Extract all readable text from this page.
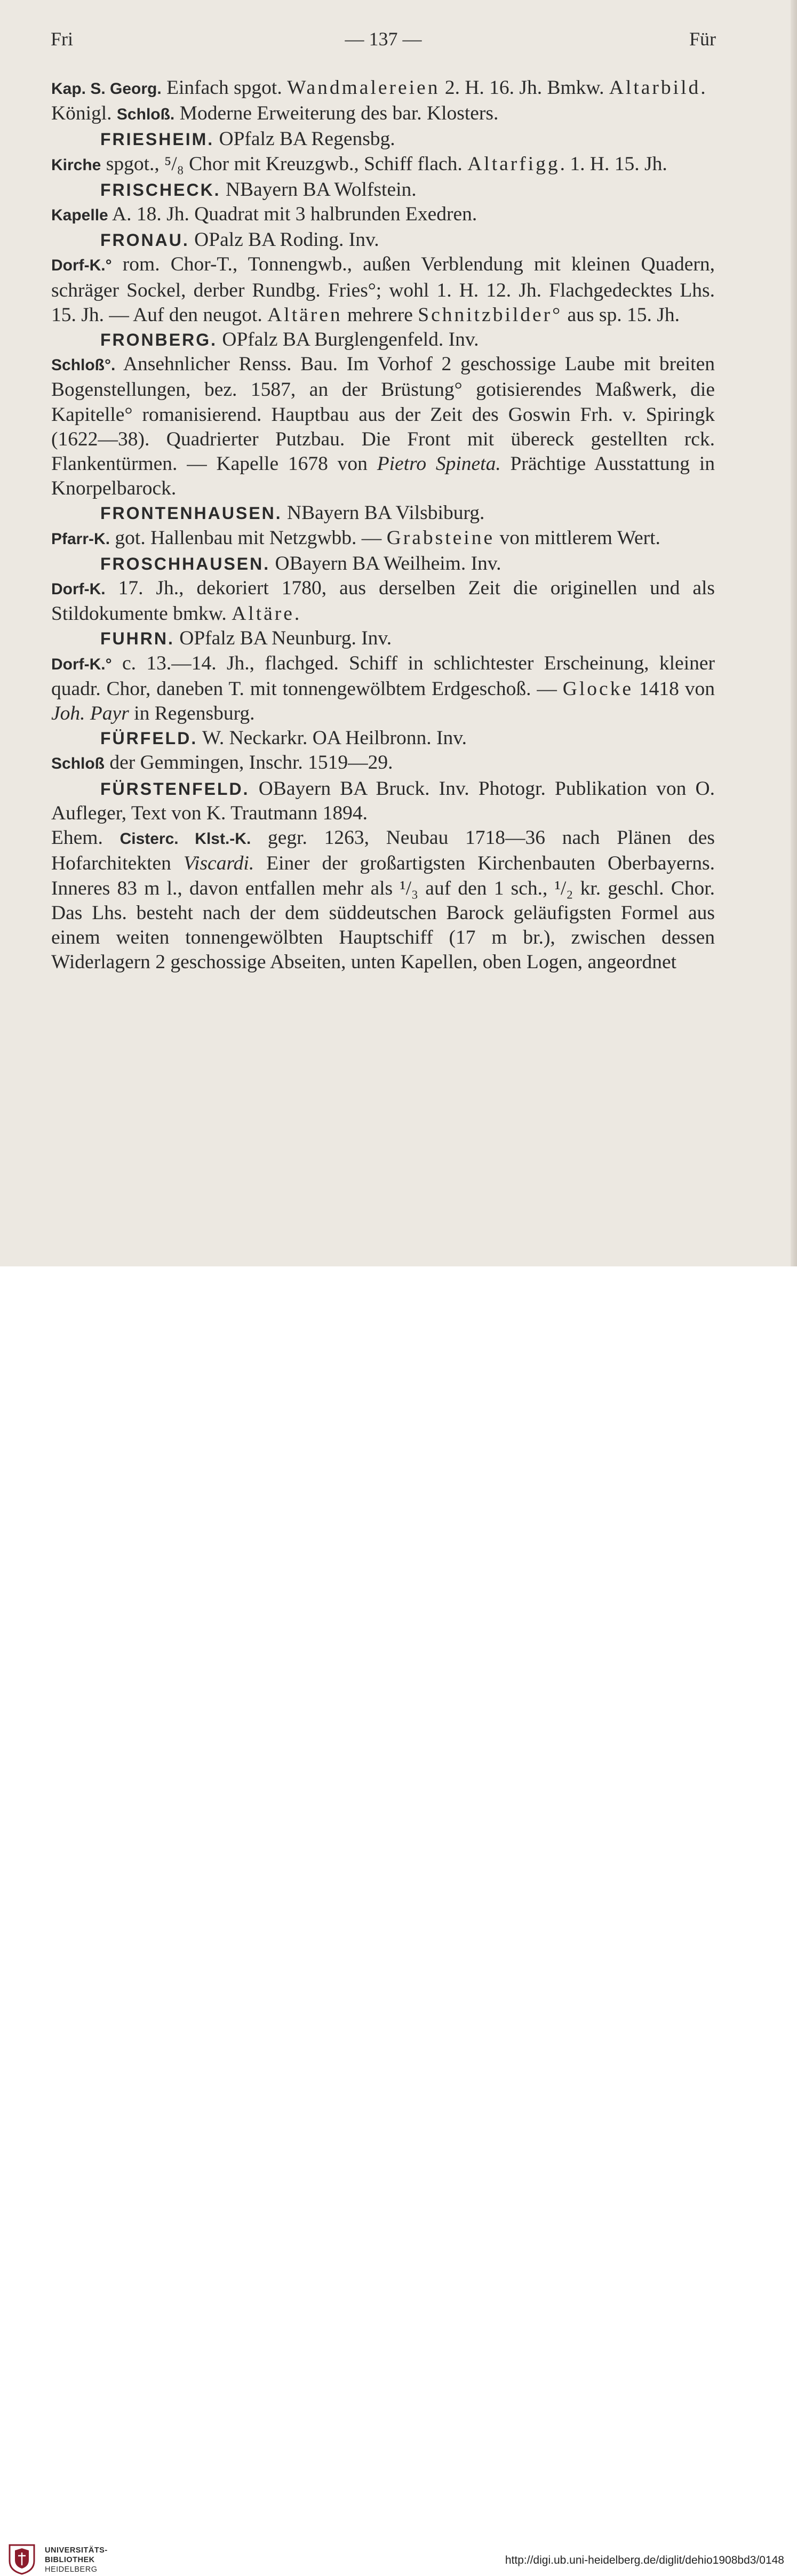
Fri	— 137 —	Für

Kap. S. Georg. Einfach spgot. Wandmalereien 2. H. 16. Jh. Bmkw. Altarbild.

Königl. Schloß. Moderne Erweiterung des bar. Klosters.

FRIESHEIM. OPfalz BA Regensbg.

Kirche spgot., ⁵/₈ Chor mit Kreuzgwb., Schiff flach. Altarfigg. 1. H. 15. Jh.

FRISCHECK. NBayern BA Wolfstein.

Kapelle A. 18. Jh. Quadrat mit 3 halbrunden Exedren.

FRONAU. OPalz BA Roding. Inv.

Dorf-K.° rom. Chor-T., Tonnengwb., außen Verblendung mit kleinen Quadern, schräger Sockel, derber Rundbg. Fries°; wohl 1. H. 12. Jh. Flachgedecktes Lhs. 15. Jh. — Auf den neugot. Altären mehrere Schnitzbilder° aus sp. 15. Jh.

FRONBERG. OPfalz BA Burglengenfeld. Inv.

Schloß°. Ansehnlicher Renss. Bau. Im Vorhof 2 geschossige Laube mit breiten Bogenstellungen, bez. 1587, an der Brüstung° gotisierendes Maßwerk, die Kapitelle° romanisierend. Hauptbau aus der Zeit des Goswin Frh. v. Spiringk (1622—38). Quadrierter Putzbau. Die Front mit übereck gestellten rck. Flankentürmen. — Kapelle 1678 von Pietro Spineta. Prächtige Ausstattung in Knorpelbarock.

FRONTENHAUSEN. NBayern BA Vilsbiburg.

Pfarr-K. got. Hallenbau mit Netzgwbb. — Grabsteine von mittlerem Wert.

FROSCHHAUSEN. OBayern BA Weilheim. Inv.

Dorf-K. 17. Jh., dekoriert 1780, aus derselben Zeit die originellen und als Stildokumente bmkw. Altäre.

FUHRN. OPfalz BA Neunburg. Inv.

Dorf-K.° c. 13.—14. Jh., flachged. Schiff in schlichtester Erscheinung, kleiner quadr. Chor, daneben T. mit tonnengewölbtem Erdgeschoß. — Glocke 1418 von Joh. Payr in Regensburg.

FÜRFELD. W. Neckarkr. OA Heilbronn. Inv.

Schloß der Gemmingen, Inschr. 1519—29.

FÜRSTENFELD. OBayern BA Bruck. Inv. Photogr. Publikation von O. Aufleger, Text von K. Trautmann 1894.

Ehem. Cisterc. Klst.-K. gegr. 1263, Neubau 1718—36 nach Plänen des Hofarchitekten Viscardi. Einer der großartigsten Kirchenbauten Oberbayerns. Inneres 83 m l., davon entfallen mehr als ¹/₃ auf den 1 sch., ¹/₂ kr. geschl. Chor. Das Lhs. besteht nach der dem süddeutschen Barock geläufigsten Formel aus einem weiten tonnengewölbten Hauptschiff (17 m br.), zwischen dessen Widerlagern 2 geschossige Abseiten, unten Kapellen, oben Logen, angeordnet

UNIVERSITÄTS-
BIBLIOTHEK
HEIDELBERG
http://digi.ub.uni-heidelberg.de/diglit/dehio1908bd3/0148
